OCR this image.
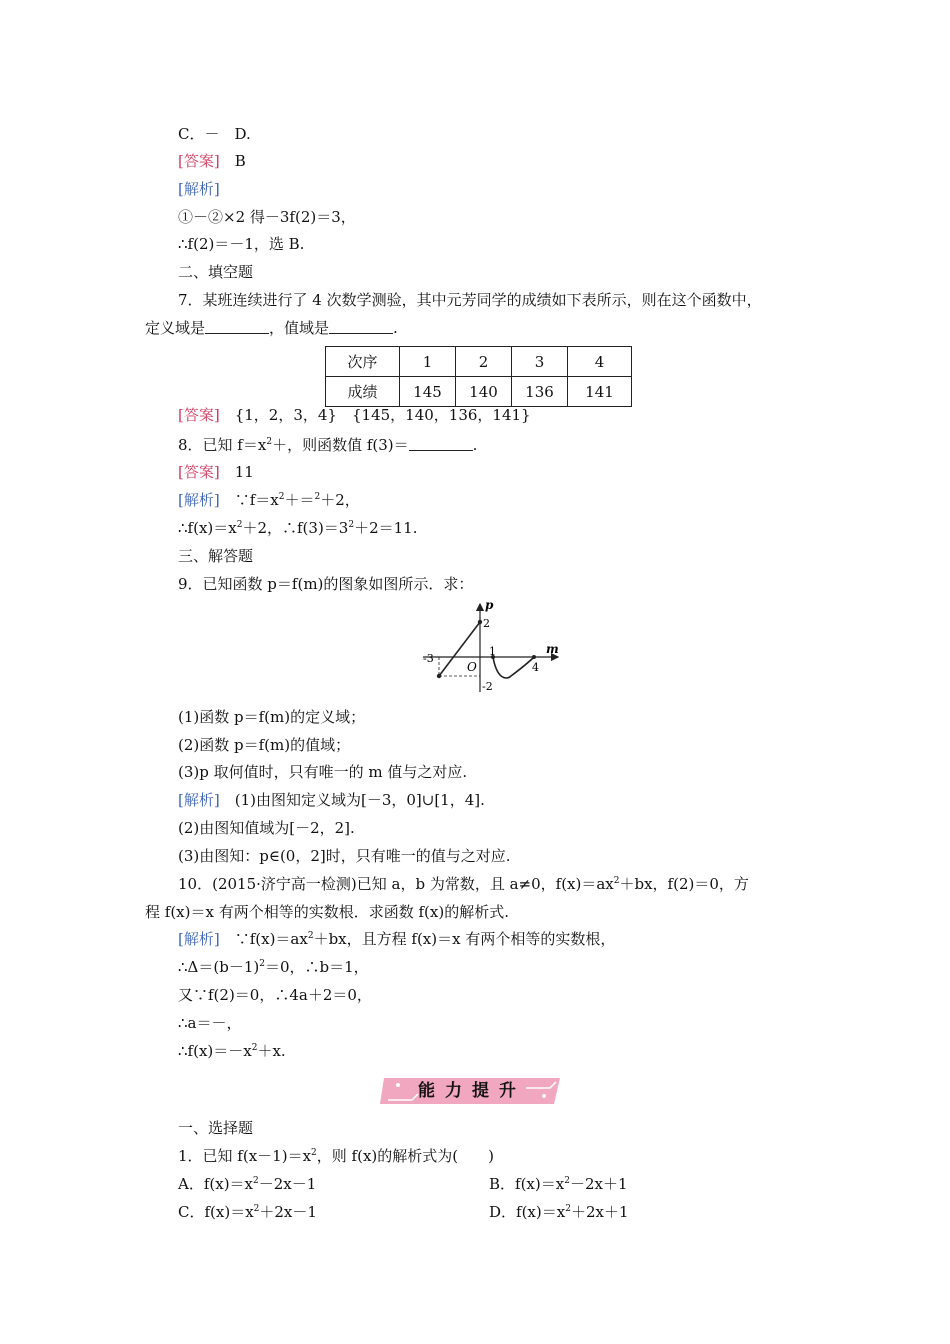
C．－　D.
[答案]　B
[解析]
①－②×2 得－3f(2)＝3，
∴f(2)＝－1，选 B.
二、填空题
7．某班连续进行了 4 次数学测验，其中元芳同学的成绩如下表所示，则在这个函数中，
定义域是	，值域是	.
次序	1	2	3	4
成绩	145	140	136	141
[答案]　{1，2，3，4}　{145，140，136，141}
8．已知 $f=x^2+$，则函数值 f(3)＝	.
[答案]　11
[解析]　$\because f=x^2+=^2+2$，
$\therefore f(x)=x^2+2$，$\therefore f(3)=3^2+2=11$.
三、解答题
9．已知函数 p＝f(m)的图象如图所示．求：
p
m
O
2
-3
1
4
-2
(1)函数 p＝f(m)的定义域；
(2)函数 p＝f(m)的值域；
(3)p 取何值时，只有唯一的 m 值与之对应.
[解析]　(1)由图知定义域为[－3，0]∪[1，4].
(2)由图知值域为[－2，2].
(3)由图知：p∈(0，2]时，只有唯一的值与之对应.
10．(2015·济宁高一检测)已知 a，b 为常数，且 a≠0，$f(x)=ax^2+bx$，f(2)＝0，方
程 f(x)＝x 有两个相等的实数根．求函数 f(x)的解析式.
[解析]　$\because f(x)=ax^2+bx$，且方程 f(x)＝x 有两个相等的实数根，
$\therefore\Delta=(b-1)^2=0$，∴b＝1，
又∵f(2)＝0，∴4a＋2＝0，
∴a＝－，
$\therefore f(x)=-x^2+x$.
能力提升
一、选择题
1．已知 $f(x-1)=x^2$，则 f(x)的解析式为(　　)
A．$f(x)=x^2-2x-1$	B．$f(x)=x^2-2x+1$
C．$f(x)=x^2+2x-1$	D．$f(x)=x^2+2x+1$
